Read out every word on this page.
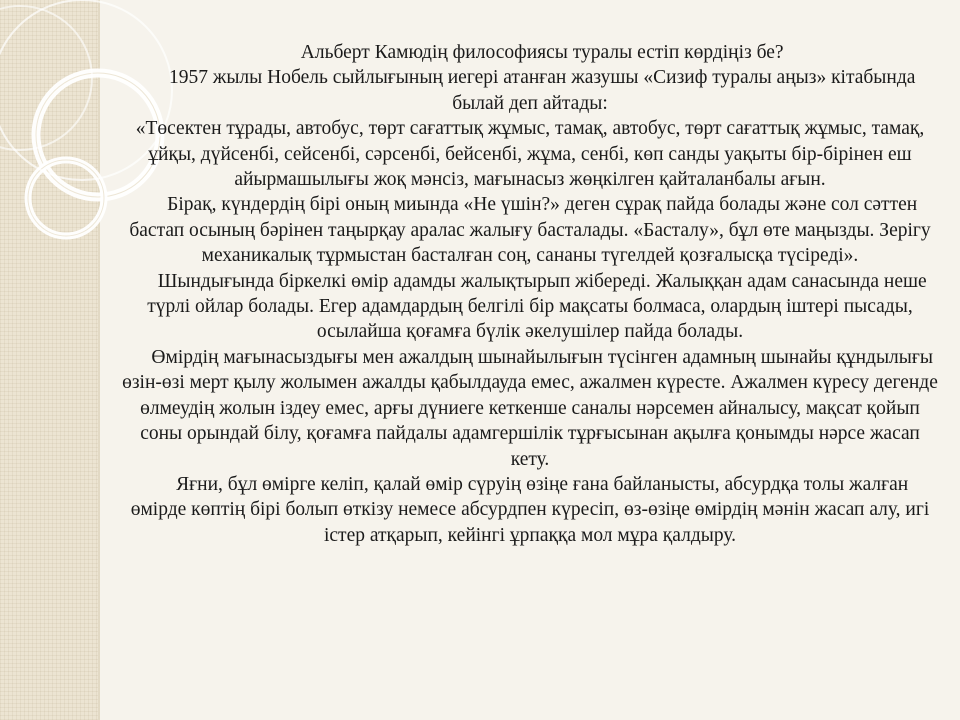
Альберт Камюдің философиясы туралы естіп көрдіңіз бе?

1957 жылы Нобель сыйлығының иегері атанған жазушы «Сизиф туралы аңыз» кітабында былай деп айтады:

«Төсектен тұрады, автобус, төрт сағаттық жұмыс, тамақ, автобус, төрт сағаттық жұмыс, тамақ, ұйқы, дүйсенбі, сейсенбі, сәрсенбі, бейсенбі, жұма, сенбі, көп санды уақыты бір-бірінен еш айырмашылығы жоқ мәнсіз, мағынасыз жөңкілген қайталанбалы ағын.

Бірақ, күндердің бірі оның миында «Не үшін?» деген сұрақ пайда болады және сол сәттен бастап осының бәрінен таңырқау аралас жалығу басталады. «Басталу», бұл өте маңызды. Зерігу механикалық тұрмыстан басталған соң, сананы түгелдей қозғалысқа түсіреді».

Шындығында біркелкі өмір адамды жалықтырып жібереді. Жалыққан адам санасында неше түрлі ойлар болады. Егер адамдардың белгілі бір мақсаты болмаса, олардың іштері пысады, осылайша қоғамға бүлік әкелушілер пайда болады.

Өмірдің мағынасыздығы мен ажалдың шынайылығын түсінген адамның шынайы құндылығы өзін-өзі мерт қылу жолымен ажалды қабылдауда емес, ажалмен күресте. Ажалмен күресу дегенде өлмеудің жолын іздеу емес, арғы дүниеге кеткенше саналы нәрсемен айналысу, мақсат қойып соны орындай білу, қоғамға пайдалы адамгершілік тұрғысынан ақылға қонымды нәрсе жасап кету.

Яғни, бұл өмірге келіп, қалай өмір сүруің өзіңе ғана байланысты, абсурдқа толы жалған өмірде көптің бірі болып өткізу немесе абсурдпен күресіп, өз-өзіңе өмірдің мәнін жасап алу, игі істер атқарып, кейінгі ұрпаққа мол мұра қалдыру.
